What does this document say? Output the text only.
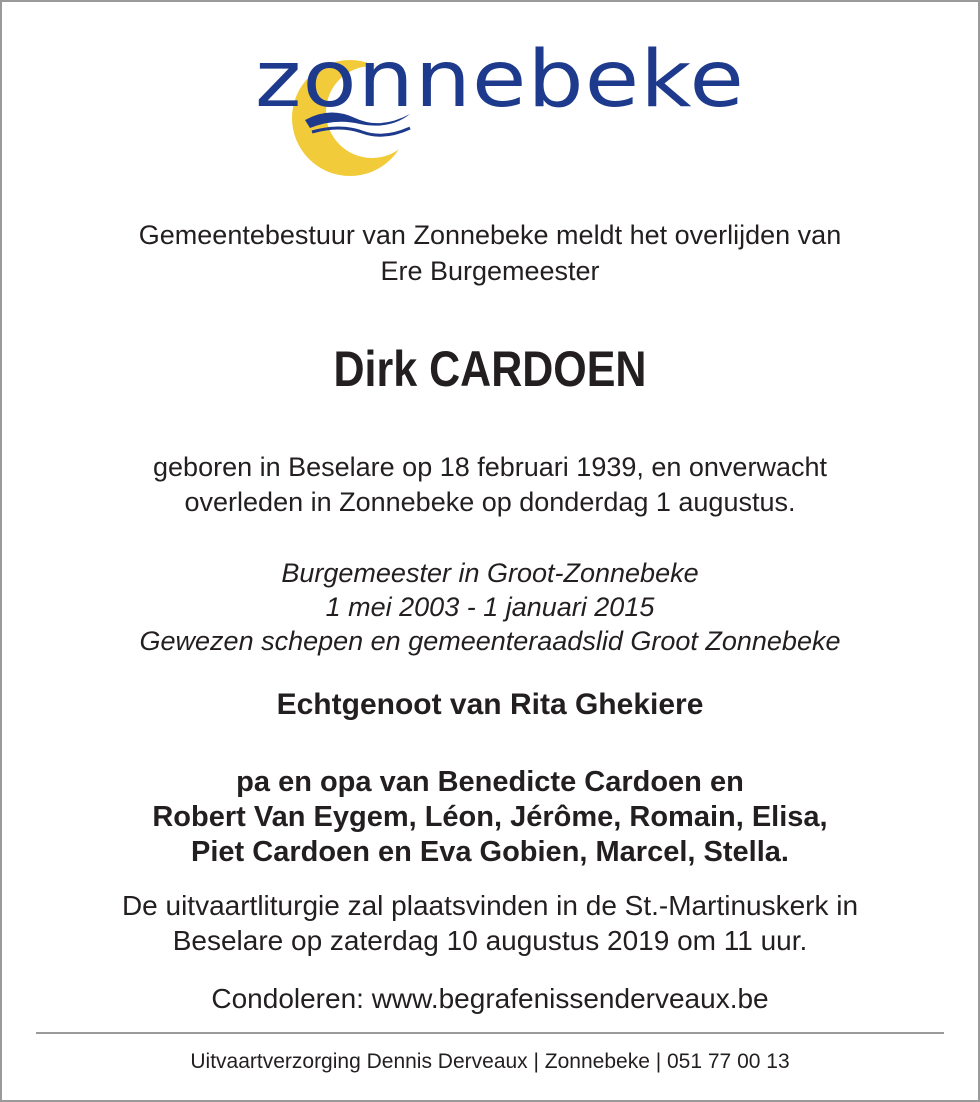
zonnebeke
Gemeentebestuur van Zonnebeke meldt het overlijden van
Ere Burgemeester
Dirk CARDOEN
geboren in Beselare op 18 februari 1939, en onverwacht
overleden in Zonnebeke op donderdag 1 augustus.
Burgemeester in Groot-Zonnebeke
1 mei 2003 - 1 januari 2015
Gewezen schepen en gemeenteraadslid Groot Zonnebeke
Echtgenoot van Rita Ghekiere
pa en opa van Benedicte Cardoen en
Robert Van Eygem, Léon, Jérôme, Romain, Elisa,
Piet Cardoen en Eva Gobien, Marcel, Stella.
De uitvaartliturgie zal plaatsvinden in de St.-Martinuskerk in
Beselare op zaterdag 10 augustus 2019 om 11 uur.
Condoleren: www.begrafenissenderveaux.be
Uitvaartverzorging Dennis Derveaux | Zonnebeke | 051 77 00 13
